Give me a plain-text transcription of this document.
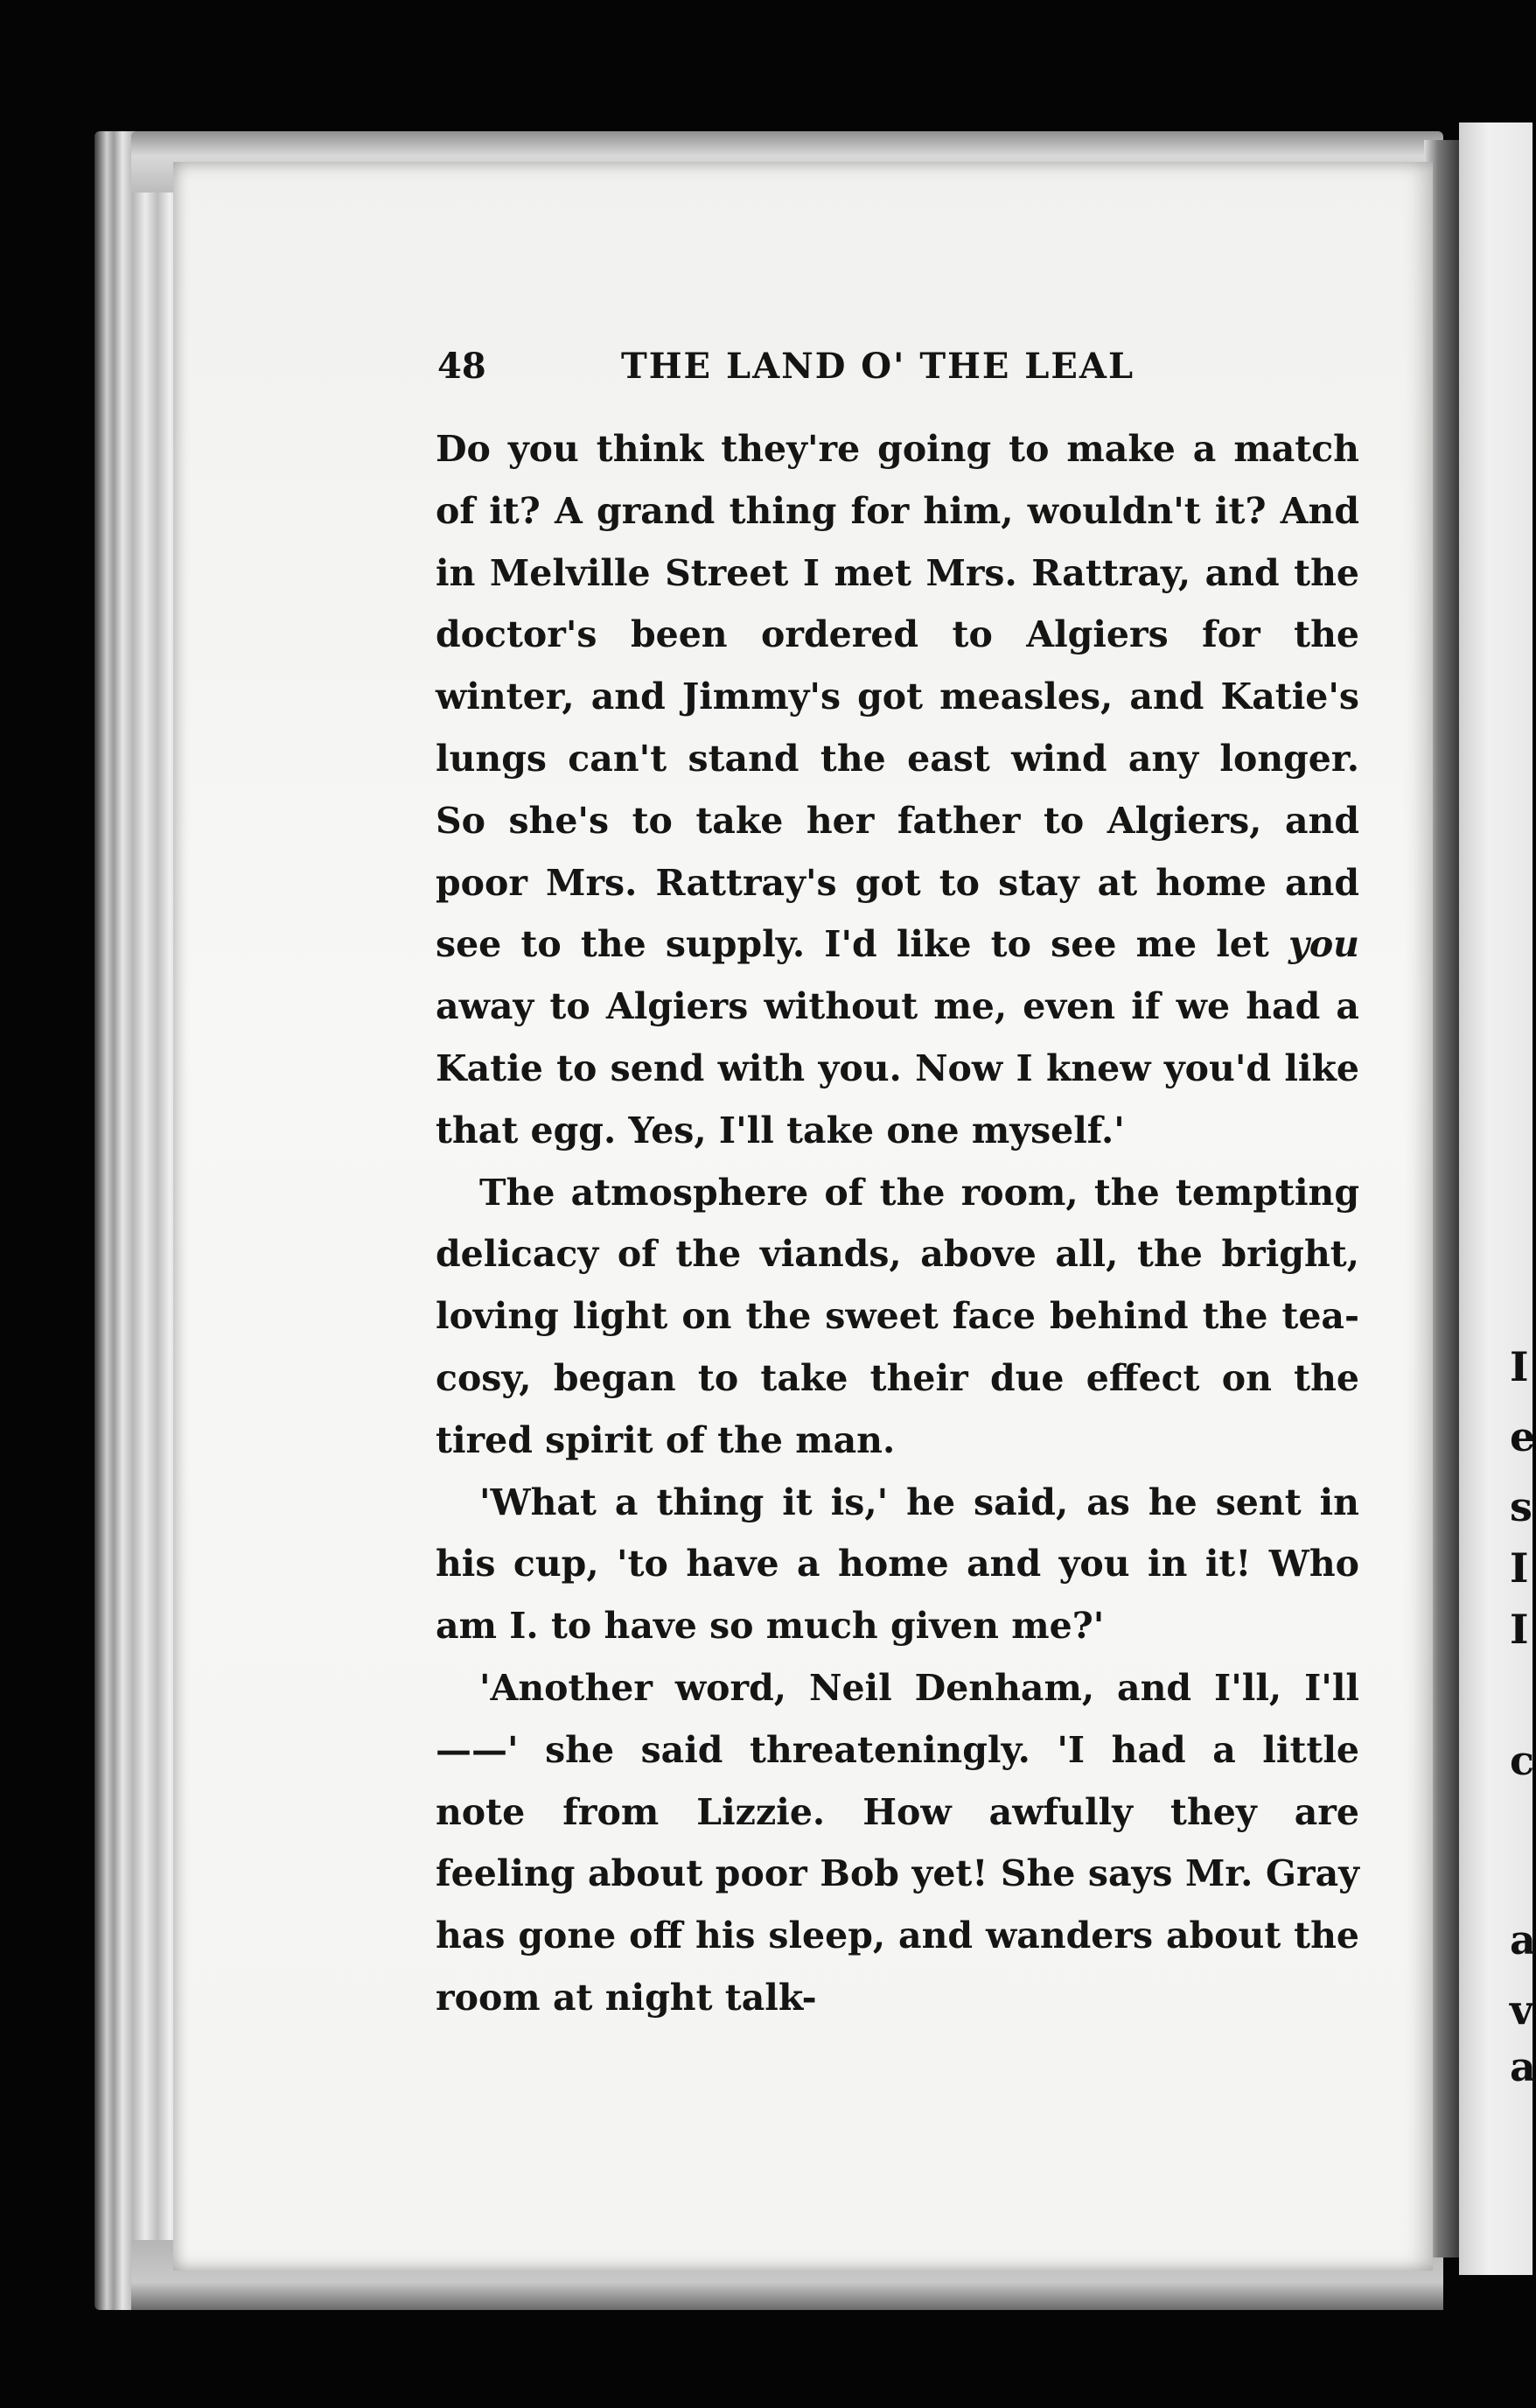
I
e
s
I
I
c
a
v
a
48	THE LAND O' THE LEAL

Do you think they're going to make a match of it? A grand thing for him, wouldn't it? And in Melville Street I met Mrs. Rattray, and the doctor's been ordered to Algiers for the winter, and Jimmy's got measles, and Katie's lungs can't stand the east wind any longer. So she's to take her father to Algiers, and poor Mrs. Rattray's got to stay at home and see to the supply. I'd like to see me let you away to Algiers without me, even if we had a Katie to send with you. Now I knew you'd like that egg. Yes, I'll take one myself.'

The atmosphere of the room, the tempting delicacy of the viands, above all, the bright, loving light on the sweet face behind the tea-cosy, began to take their due effect on the tired spirit of the man.

'What a thing it is,' he said, as he sent in his cup, 'to have a home and you in it! Who am I. to have so much given me?'

'Another word, Neil Denham, and I'll, I'll——' she said threateningly. 'I had a little note from Lizzie. How awfully they are feeling about poor Bob yet! She says Mr. Gray has gone off his sleep, and wanders about the room at night talk-
